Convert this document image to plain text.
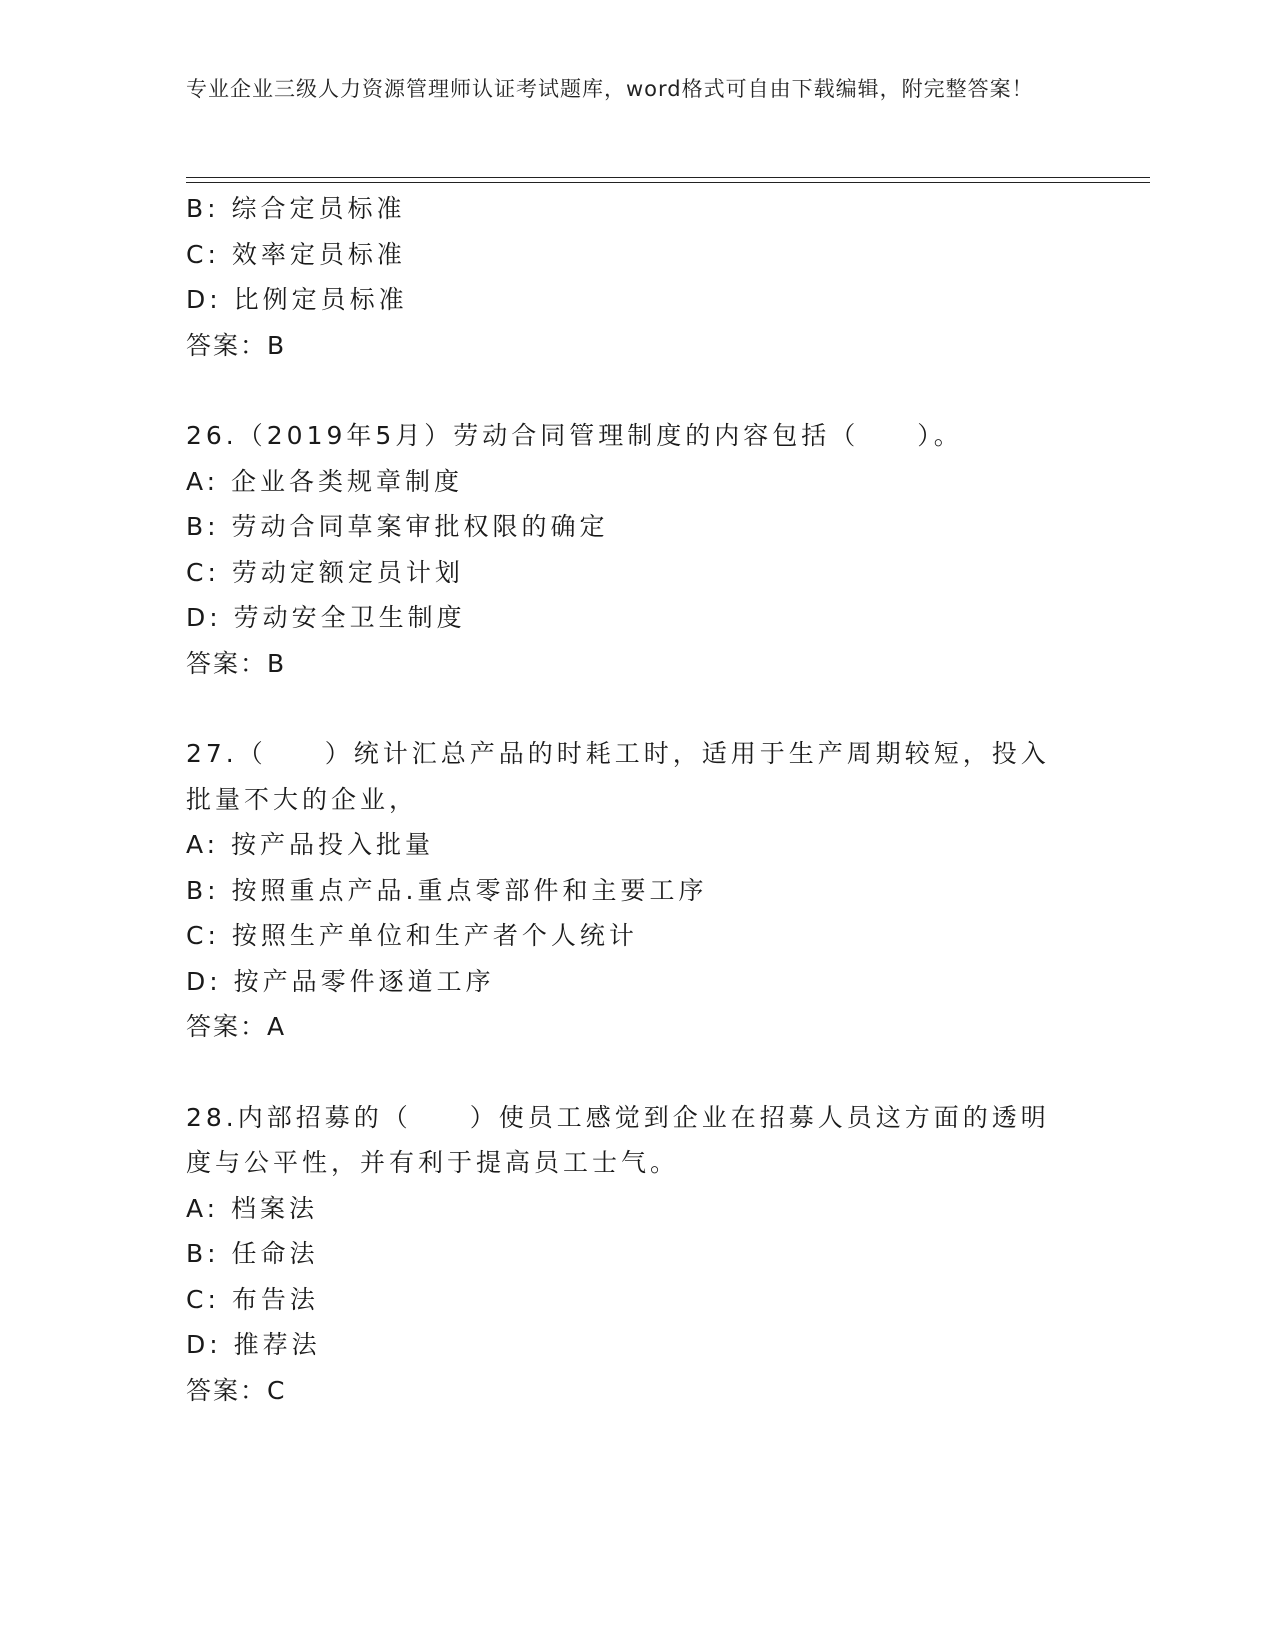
专业企业三级人力资源管理师认证考试题库，word格式可自由下载编辑，附完整答案！
B: 综合定员标准
C: 效率定员标准
D: 比例定员标准
答案：B
26.（2019年5月）劳动合同管理制度的内容包括（　　）。
A: 企业各类规章制度
B: 劳动合同草案审批权限的确定
C: 劳动定额定员计划
D: 劳动安全卫生制度
答案：B
27.（　　）统计汇总产品的时耗工时，适用于生产周期较短，投入批量不大的企业，
A: 按产品投入批量
B: 按照重点产品.重点零部件和主要工序
C: 按照生产单位和生产者个人统计
D: 按产品零件逐道工序
答案：A
28.内部招募的（　　）使员工感觉到企业在招募人员这方面的透明度与公平性，并有利于提高员工士气。
A: 档案法
B: 任命法
C: 布告法
D: 推荐法
答案：C
